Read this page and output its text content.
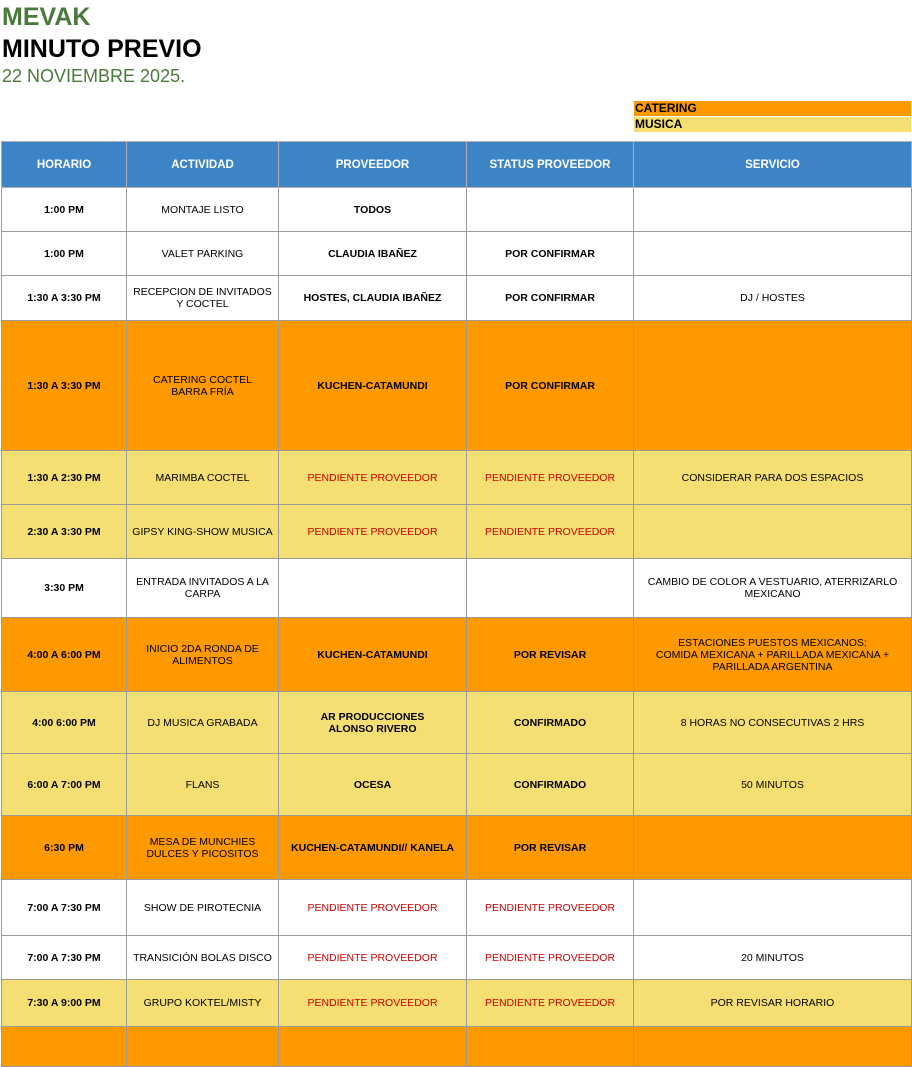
MEVAK
MINUTO PREVIO
22 NOVIEMBRE 2025.
CATERING
MUSICA
HORARIO	ACTIVIDAD	PROVEEDOR	STATUS PROVEEDOR	SERVICIO
1:00 PM	MONTAJE LISTO	TODOS		
1:00 PM	VALET PARKING	CLAUDIA IBAÑEZ	POR CONFIRMAR	
1:30 A 3:30 PM	RECEPCION DE INVITADOS
Y COCTEL	HOSTES, CLAUDIA IBAÑEZ	POR CONFIRMAR	DJ / HOSTES
1:30 A 3:30 PM	CATERING COCTEL
BARRA FRÍA	KUCHEN-CATAMUNDI	POR CONFIRMAR	
1:30 A 2:30 PM	MARIMBA COCTEL	PENDIENTE PROVEEDOR	PENDIENTE PROVEEDOR	CONSIDERAR PARA DOS ESPACIOS
2:30 A 3:30 PM	GIPSY KING-SHOW MUSICA	PENDIENTE PROVEEDOR	PENDIENTE PROVEEDOR	
3:30 PM	ENTRADA INVITADOS A LA
CARPA			CAMBIO DE COLOR A VESTUARIO, ATERRIZARLO
MEXICANO
4:00 A 6:00 PM	INICIO 2DA RONDA DE
ALIMENTOS	KUCHEN-CATAMUNDI	POR REVISAR	ESTACIONES PUESTOS MEXICANOS:
COMIDA MEXICANA + PARILLADA MEXICANA +
PARILLADA ARGENTINA
4:00 6:00 PM	DJ MUSICA GRABADA	AR PRODUCCIONES
ALONSO RIVERO	CONFIRMADO	8 HORAS NO CONSECUTIVAS 2 HRS
6:00 A 7:00 PM	FLANS	OCESA	CONFIRMADO	50 MINUTOS
6:30 PM	MESA DE MUNCHIES
DULCES Y PICOSITOS	KUCHEN-CATAMUNDI// KANELA	POR REVISAR	
7:00 A 7:30 PM	SHOW DE PIROTECNIA	PENDIENTE PROVEEDOR	PENDIENTE PROVEEDOR	
7:00 A 7:30 PM	TRANSICIÓN BOLAS DISCO	PENDIENTE PROVEEDOR	PENDIENTE PROVEEDOR	20 MINUTOS
7:30 A 9:00 PM	GRUPO KOKTEL/MISTY	PENDIENTE PROVEEDOR	PENDIENTE PROVEEDOR	POR REVISAR HORARIO
